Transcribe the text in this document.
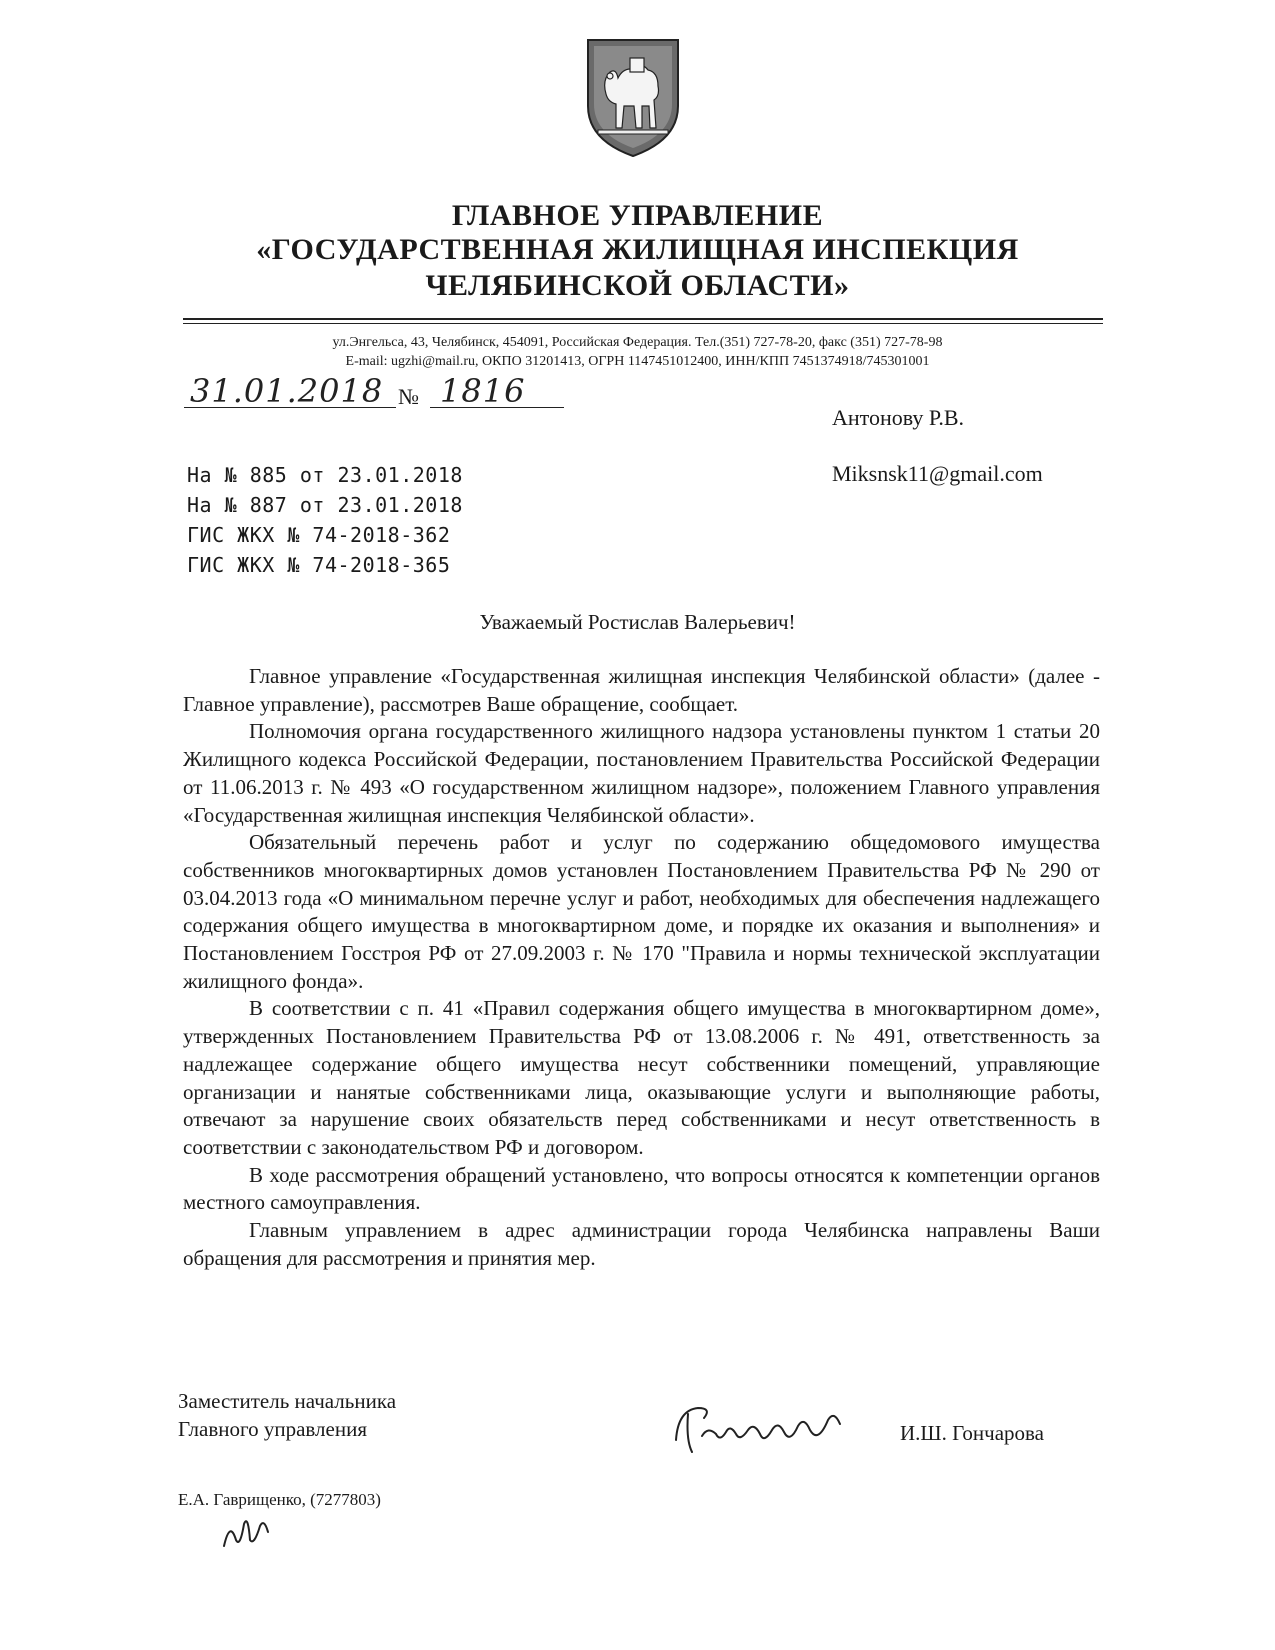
ГЛАВНОЕ УПРАВЛЕНИЕ
«ГОСУДАРСТВЕННАЯ ЖИЛИЩНАЯ ИНСПЕКЦИЯ
ЧЕЛЯБИНСКОЙ ОБЛАСТИ»
ул.Энгельса, 43, Челябинск, 454091, Российская Федерация. Тел.(351) 727-78-20, факс (351) 727-78-98
E-mail: ugzhi@mail.ru, ОКПО 31201413, ОГРН 1147451012400, ИНН/КПП 7451374918/745301001
31.01.2018 № 1816
Антонову Р.В.
Miksnsk11@gmail.com
На № 885 от 23.01.2018
На № 887 от 23.01.2018
ГИС ЖКХ № 74-2018-362
ГИС ЖКХ № 74-2018-365
Уважаемый Ростислав Валерьевич!

Главное управление «Государственная жилищная инспекция Челябинской области» (далее - Главное управление), рассмотрев Ваше обращение, сообщает.

Полномочия органа государственного жилищного надзора установлены пунктом 1 статьи 20 Жилищного кодекса Российской Федерации, постановлением Правительства Российской Федерации от 11.06.2013 г. № 493 «О государственном жилищном надзоре», положением Главного управления «Государственная жилищная инспекция Челябинской области».

Обязательный перечень работ и услуг по содержанию общедомового имущества собственников многоквартирных домов установлен Постановлением Правительства РФ № 290 от 03.04.2013 года «О минимальном перечне услуг и работ, необходимых для обеспечения надлежащего содержания общего имущества в многоквартирном доме, и порядке их оказания и выполнения» и Постановлением Госстроя РФ от 27.09.2003 г. № 170 "Правила и нормы технической эксплуатации жилищного фонда».

В соответствии с п. 41 «Правил содержания общего имущества в многоквартирном доме», утвержденных Постановлением Правительства РФ от 13.08.2006 г. № 491, ответственность за надлежащее содержание общего имущества несут собственники помещений, управляющие организации и нанятые собственниками лица, оказывающие услуги и выполняющие работы, отвечают за нарушение своих обязательств перед собственниками и несут ответственность в соответствии с законодательством РФ и договором.

В ходе рассмотрения обращений установлено, что вопросы относятся к компетенции органов местного самоуправления.

Главным управлением в адрес администрации города Челябинска направлены Ваши обращения для рассмотрения и принятия мер.

Заместитель начальника
Главного управления	И.Ш. Гончарова
Е.А. Гаврищенко, (7277803)
